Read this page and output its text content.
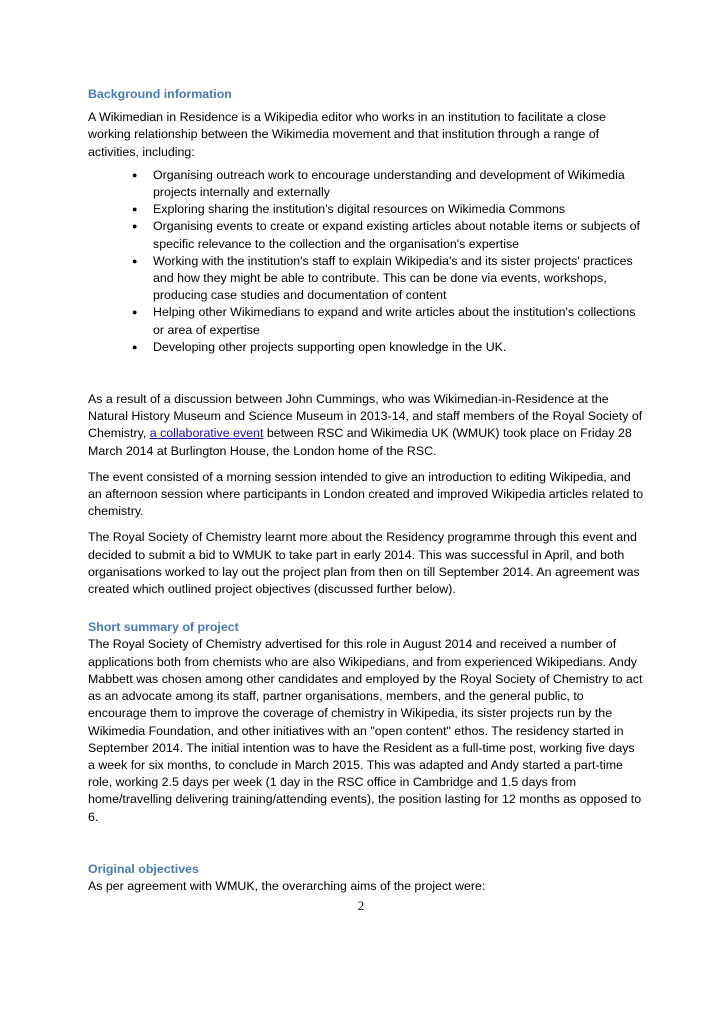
Background information

A Wikimedian in Residence is a Wikipedia editor who works in an institution to facilitate a close working relationship between the Wikimedia movement and that institution through a range of activities, including:

● Organising outreach work to encourage understanding and development of Wikimedia projects internally and externally
● Exploring sharing the institution's digital resources on Wikimedia Commons
● Organising events to create or expand existing articles about notable items or subjects of specific relevance to the collection and the organisation's expertise
● Working with the institution's staff to explain Wikipedia's and its sister projects' practices and how they might be able to contribute. This can be done via events, workshops, producing case studies and documentation of content
● Helping other Wikimedians to expand and write articles about the institution's collections or area of expertise
● Developing other projects supporting open knowledge in the UK.

As a result of a discussion between John Cummings, who was Wikimedian-in-Residence at the Natural History Museum and Science Museum in 2013-14, and staff members of the Royal Society of Chemistry, a collaborative event between RSC and Wikimedia UK (WMUK) took place on Friday 28 March 2014 at Burlington House, the London home of the RSC.

The event consisted of a morning session intended to give an introduction to editing Wikipedia, and an afternoon session where participants in London created and improved Wikipedia articles related to chemistry.

The Royal Society of Chemistry learnt more about the Residency programme through this event and decided to submit a bid to WMUK to take part in early 2014. This was successful in April, and both organisations worked to lay out the project plan from then on till September 2014. An agreement was created which outlined project objectives (discussed further below).

Short summary of project

The Royal Society of Chemistry advertised for this role in August 2014 and received a number of applications both from chemists who are also Wikipedians, and from experienced Wikipedians. Andy Mabbett was chosen among other candidates and employed by the Royal Society of Chemistry to act as an advocate among its staff, partner organisations, members, and the general public, to encourage them to improve the coverage of chemistry in Wikipedia, its sister projects run by the Wikimedia Foundation, and other initiatives with an "open content" ethos. The residency started in September 2014. The initial intention was to have the Resident as a full-time post, working five days a week for six months, to conclude in March 2015. This was adapted and Andy started a part-time role, working 2.5 days per week (1 day in the RSC office in Cambridge and 1.5 days from home/travelling delivering training/attending events), the position lasting for 12 months as opposed to 6.

Original objectives

As per agreement with WMUK, the overarching aims of the project were:

2
